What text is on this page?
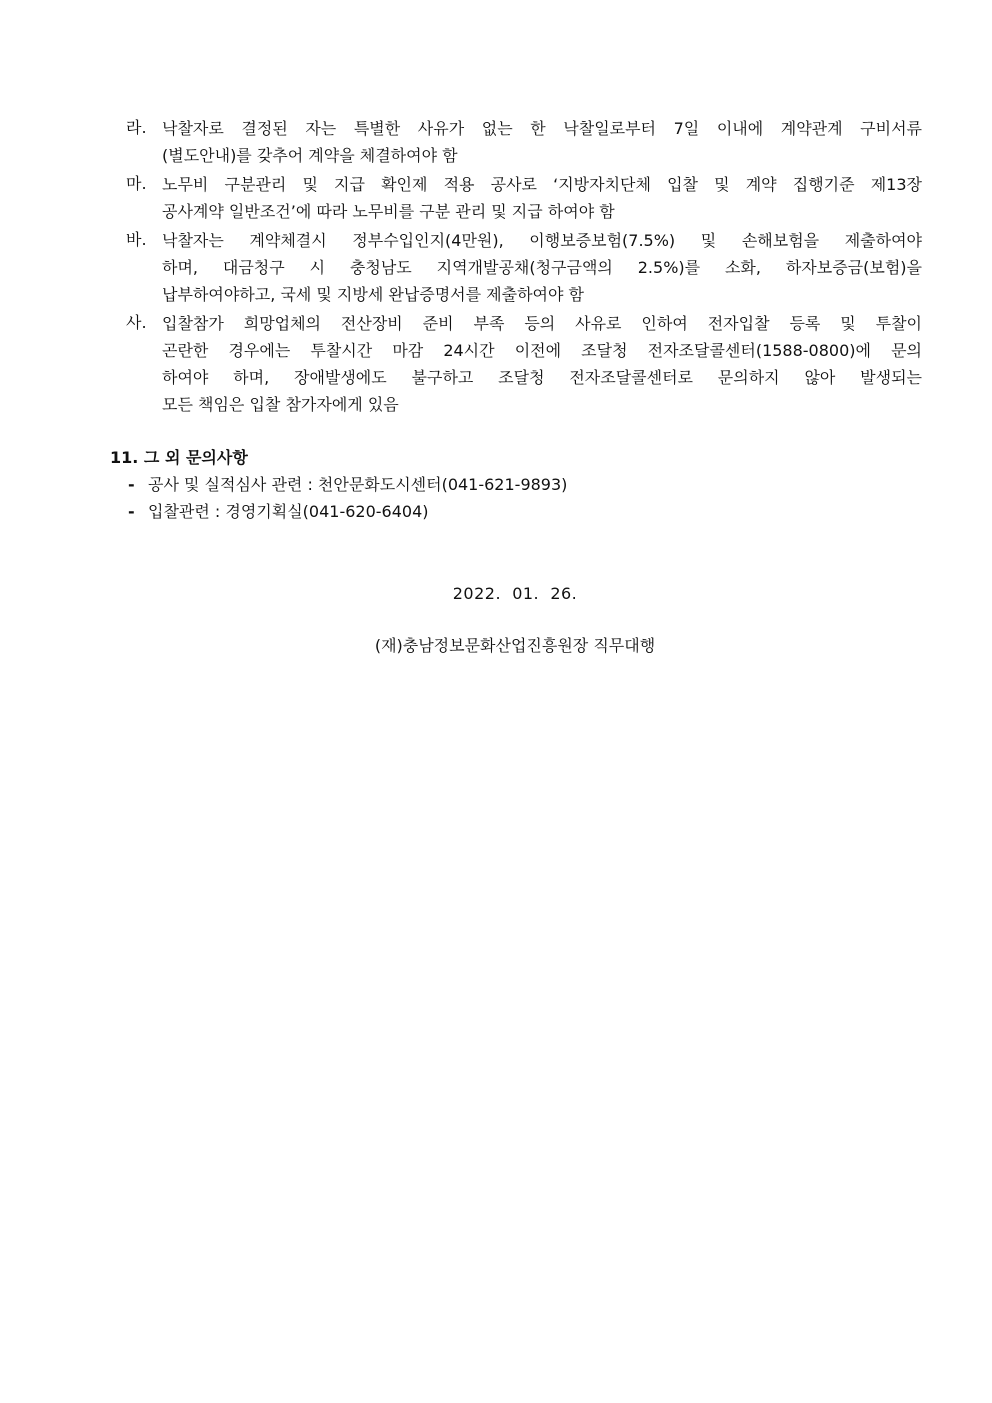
라. 낙찰자로 결정된 자는 특별한 사유가 없는 한 낙찰일로부터 7일 이내에 계약관계 구비서류
(별도안내)를 갖추어 계약을 체결하여야 함
마. 노무비 구분관리 및 지급 확인제 적용 공사로 ‘지방자치단체 입찰 및 계약 집행기준 제13장
공사계약 일반조건’에 따라 노무비를 구분 관리 및 지급 하여야 함
바. 낙찰자는 계약체결시 정부수입인지(4만원), 이행보증보험(7.5%) 및 손해보험을 제출하여야
하며, 대금청구 시 충청남도 지역개발공채(청구금액의 2.5%)를 소화, 하자보증금(보험)을
납부하여야하고, 국세 및 지방세 완납증명서를 제출하여야 함
사. 입찰참가 희망업체의 전산장비 준비 부족 등의 사유로 인하여 전자입찰 등록 및 투찰이
곤란한 경우에는 투찰시간 마감 24시간 이전에 조달청 전자조달콜센터(1588-0800)에 문의
하여야 하며, 장애발생에도 불구하고 조달청 전자조달콜센터로 문의하지 않아 발생되는
모든 책임은 입찰 참가자에게 있음
11. 그 외 문의사항
- 공사 및 실적심사 관련 : 천안문화도시센터(041-621-9893)
- 입찰관련 : 경영기획실(041-620-6404)
2022.  01.  26.
(재)충남정보문화산업진흥원장 직무대행
